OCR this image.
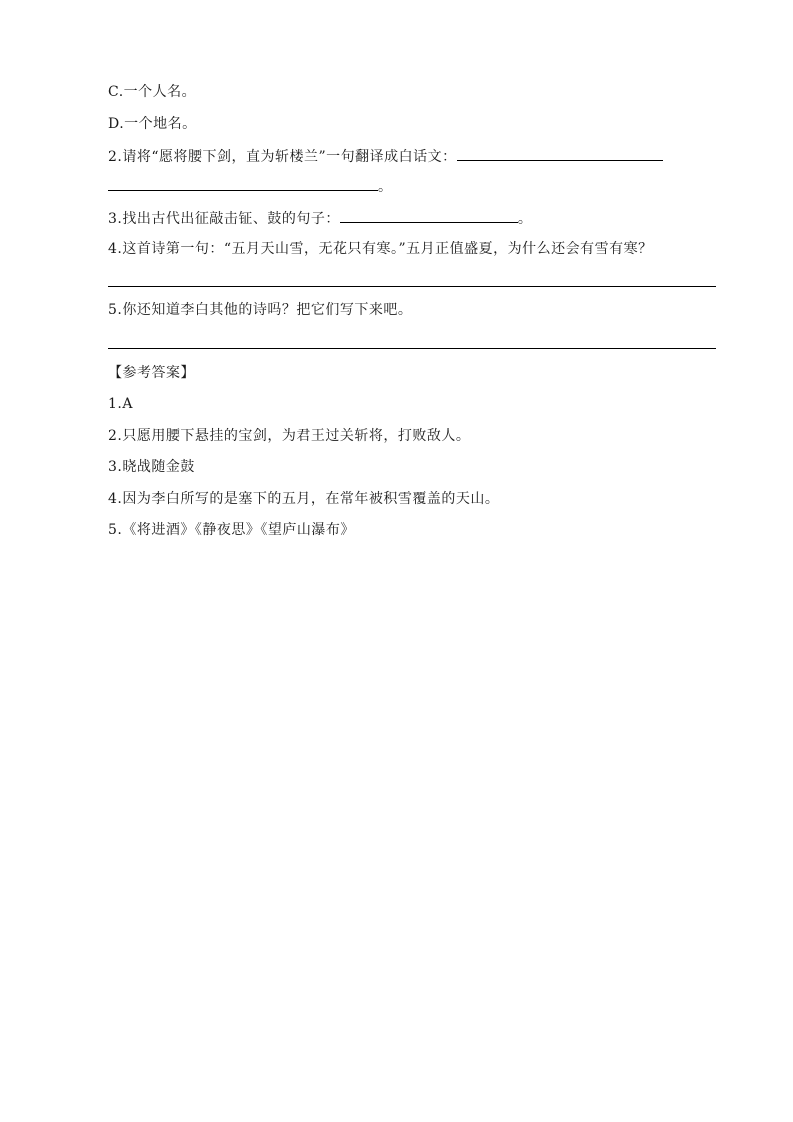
C.一个人名。
D.一个地名。
2.请将“愿将腰下剑，直为斩楼兰”一句翻译成白话文：
。
3.找出古代出征敲击钲、鼓的句子：	。
4.这首诗第一句：“五月天山雪，无花只有寒。”五月正值盛夏，为什么还会有雪有寒？
5.你还知道李白其他的诗吗？把它们写下来吧。
【参考答案】
1.A
2.只愿用腰下悬挂的宝剑，为君王过关斩将，打败敌人。
3.晓战随金鼓
4.因为李白所写的是塞下的五月，在常年被积雪覆盖的天山。
5.《将进酒》《静夜思》《望庐山瀑布》
